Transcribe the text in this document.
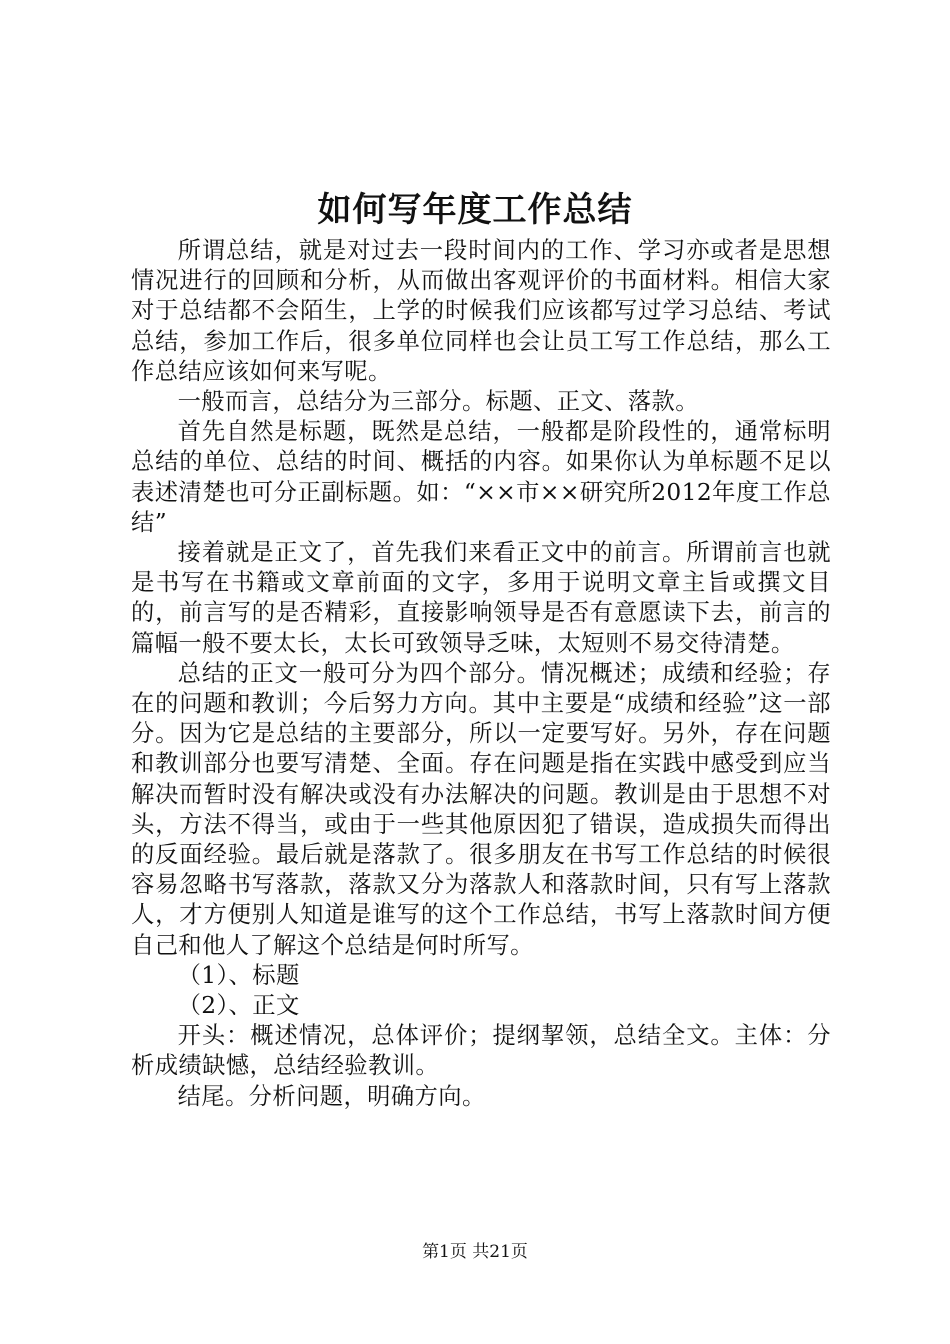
如何写年度工作总结

所谓总结，就是对过去一段时间内的工作、学习亦或者是思想情况进行的回顾和分析，从而做出客观评价的书面材料。相信大家对于总结都不会陌生，上学的时候我们应该都写过学习总结、考试总结，参加工作后，很多单位同样也会让员工写工作总结，那么工作总结应该如何来写呢。

一般而言，总结分为三部分。标题、正文、落款。

首先自然是标题，既然是总结，一般都是阶段性的，通常标明总结的单位、总结的时间、概括的内容。如果你认为单标题不足以表述清楚也可分正副标题。如：“××市××研究所2012年度工作总结”

接着就是正文了，首先我们来看正文中的前言。所谓前言也就是书写在书籍或文章前面的文字，多用于说明文章主旨或撰文目的，前言写的是否精彩，直接影响领导是否有意愿读下去，前言的篇幅一般不要太长，太长可致领导乏味，太短则不易交待清楚。

总结的正文一般可分为四个部分。情况概述；成绩和经验；存在的问题和教训；今后努力方向。其中主要是“成绩和经验”这一部分。因为它是总结的主要部分，所以一定要写好。另外，存在问题和教训部分也要写清楚、全面。存在问题是指在实践中感受到应当解决而暂时没有解决或没有办法解决的问题。教训是由于思想不对头，方法不得当，或由于一些其他原因犯了错误，造成损失而得出的反面经验。最后就是落款了。很多朋友在书写工作总结的时候很容易忽略书写落款，落款又分为落款人和落款时间，只有写上落款人，才方便别人知道是谁写的这个工作总结，书写上落款时间方便自己和他人了解这个总结是何时所写。

（1）、标题

（2）、正文

开头：概述情况，总体评价；提纲挈领，总结全文。主体：分析成绩缺憾，总结经验教训。

结尾。分析问题，明确方向。

第1页 共21页
